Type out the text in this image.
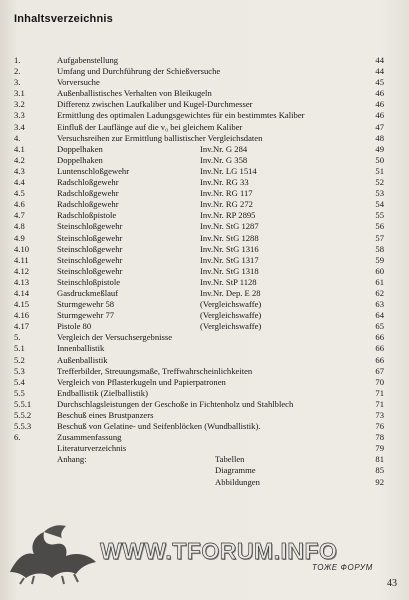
Inhaltsverzeichnis
1.	Aufgabenstellung	44
2.	Umfang und Durchführung der Schießversuche	44
3.	Vorversuche	45
3.1	Außenballistisches Verhalten von Bleikugeln	46
3.2	Differenz zwischen Laufkaliber und Kugel-Durchmesser	46
3.3	Ermittlung des optimalen Ladungsgewichtes für ein bestimmtes Kaliber	46
3.4	Einfluß der Lauflänge auf die v₀ bei gleichem Kaliber	47
4.	Versuchsreihen zur Ermittlung ballistischer Vergleichsdaten	48
4.1	Doppelhaken	Inv.Nr. G 284	49
4.2	Doppelhaken	Inv.Nr. G 358	50
4.3	Luntenschloßgewehr	Inv.Nr. LG 1514	51
4.4	Radschloßgewehr	Inv.Nr. RG 33	52
4.5	Radschloßgewehr	Inv.Nr. RG 117	53
4.6	Radschloßgewehr	Inv.Nr. RG 272	54
4.7	Radschloßpistole	Inv.Nr. RP 2895	55
4.8	Steinschloßgewehr	Inv.Nr. StG 1287	56
4.9	Steinschloßgewehr	Inv.Nr. StG 1288	57
4.10	Steinschloßgewehr	Inv.Nr. StG 1316	58
4.11	Steinschloßgewehr	Inv.Nr. StG 1317	59
4.12	Steinschloßgewehr	Inv.Nr. StG 1318	60
4.13	Steinschloßpistole	Inv.Nr. StP 1128	61
4.14	Gasdruckmeßlauf	Inv.Nr. Dep. E 28	62
4.15	Sturmgewehr 58	(Vergleichswaffe)	63
4.16	Sturmgewehr 77	(Vergleichswaffe)	64
4.17	Pistole 80	(Vergleichswaffe)	65
5.	Vergleich der Versuchsergebnisse	66
5.1	Innenballistik	66
5.2	Außenballistik	66
5.3	Trefferbilder, Streuungsmaße, Treffwahrscheinlichkeiten	67
5.4	Vergleich von Pflasterkugeln und Papierpatronen	70
5.5	Endballistik (Zielballistik)	71
5.5.1	Durchschlagsleistungen der Geschoße in Fichtenholz und Stahlblech	71
5.5.2	Beschuß eines Brustpanzers	73
5.5.3	Beschuß von Gelatine- und Seifenblöcken (Wundballistik).	76
6.	Zusammenfassung	78
Literaturverzeichnis	79
Anhang:	Tabellen	81
Diagramme	85
Abbildungen	92
WWW.TFORUM.INFO
ТОЖЕ ФОРУМ
43
